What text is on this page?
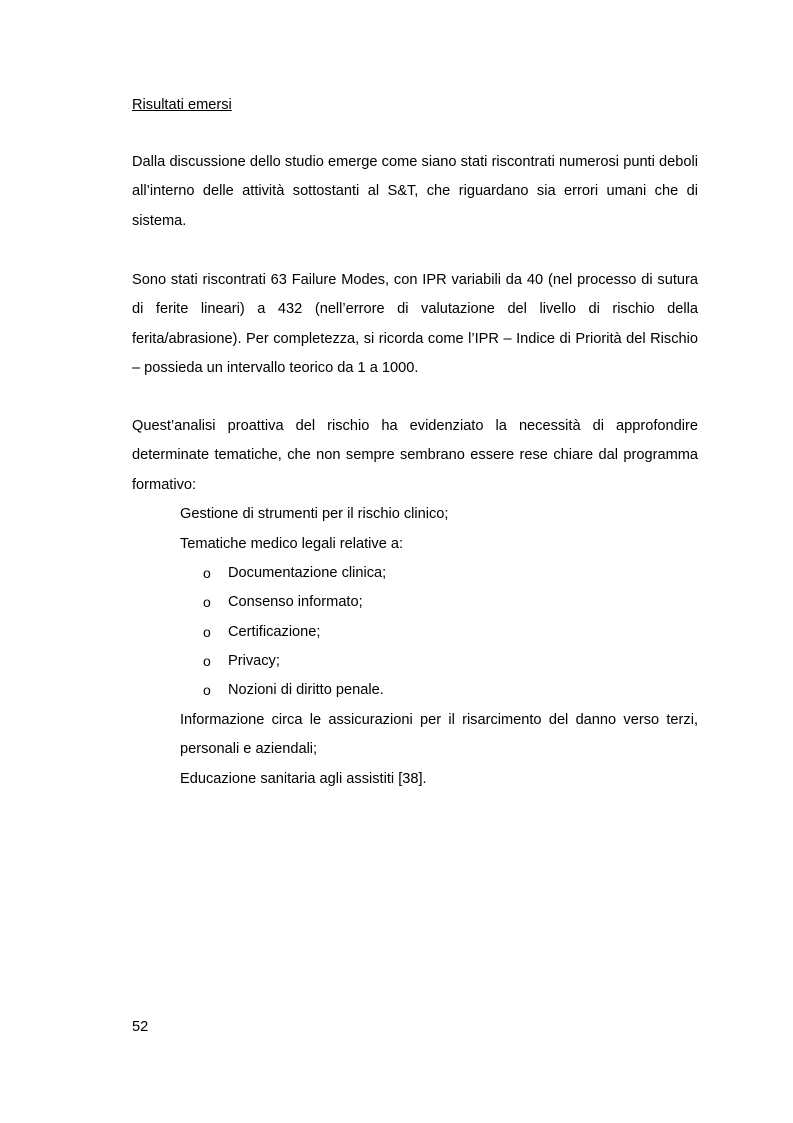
Risultati emersi

Dalla discussione dello studio emerge come siano stati riscontrati numerosi punti deboli all’interno delle attività sottostanti al S&T, che riguardano sia errori umani che di sistema.

Sono stati riscontrati 63 Failure Modes, con IPR variabili da 40 (nel processo di sutura di ferite lineari) a 432 (nell’errore di valutazione del livello di rischio della ferita/abrasione). Per completezza, si ricorda come l’IPR – Indice di Priorità del Rischio – possieda un intervallo teorico da 1 a 1000.

Quest’analisi proattiva del rischio ha evidenziato la necessità di approfondire determinate tematiche, che non sempre sembrano essere rese chiare dal programma formativo:

Gestione di strumenti per il rischio clinico;
Tematiche medico legali relative a:
o Documentazione clinica;
o Consenso informato;
o Certificazione;
o Privacy;
o Nozioni di diritto penale.
Informazione circa le assicurazioni per il risarcimento del danno verso terzi, personali e aziendali;
Educazione sanitaria agli assistiti [38].
52
